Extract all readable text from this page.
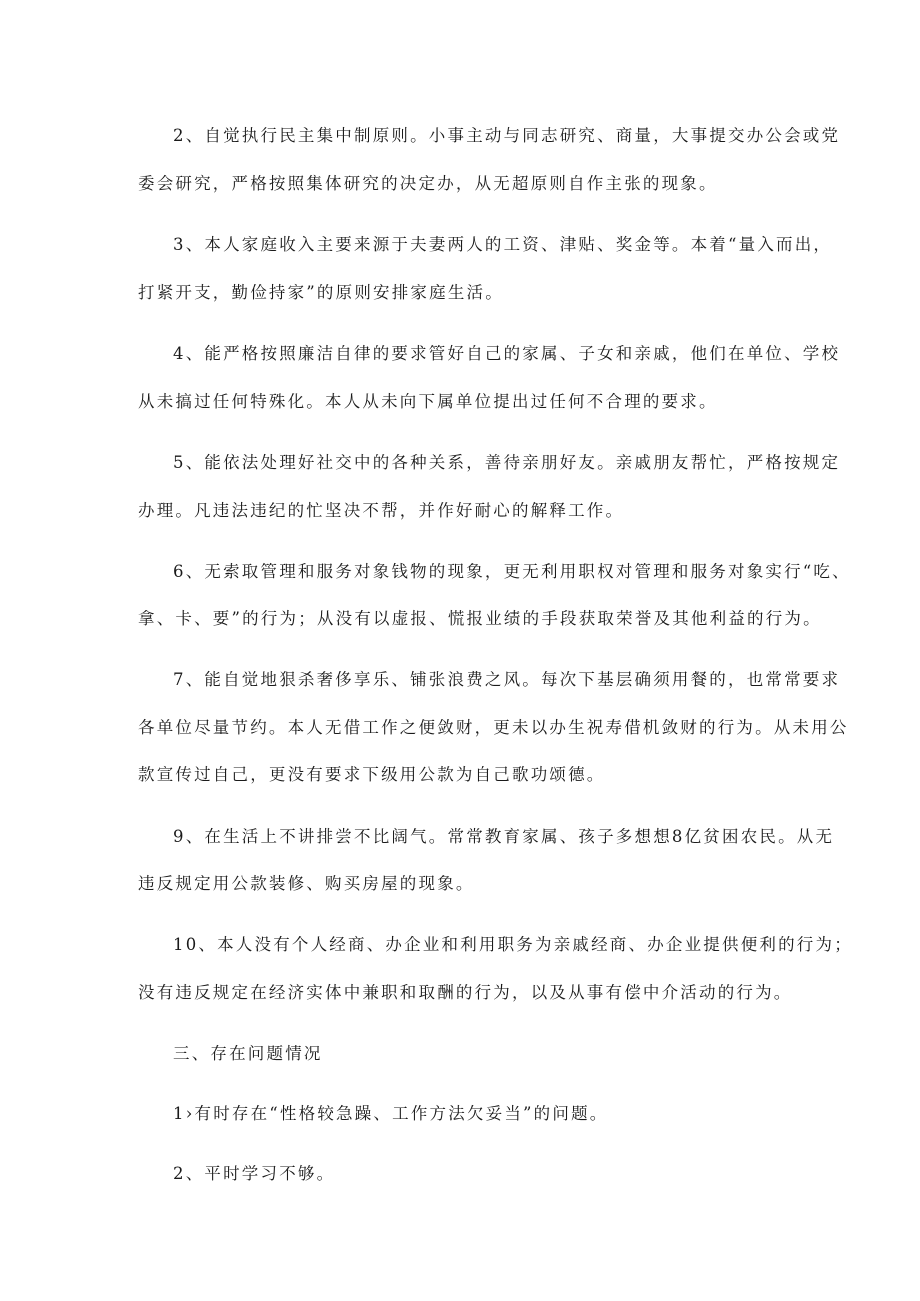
2、自觉执行民主集中制原则。小事主动与同志研究、商量，大事提交办公会或党

委会研究，严格按照集体研究的决定办，从无超原则自作主张的现象。

3、本人家庭收入主要来源于夫妻两人的工资、津贴、奖金等。本着“量入而出，

打紧开支，勤俭持家”的原则安排家庭生活。

4、能严格按照廉洁自律的要求管好自己的家属、子女和亲戚，他们在单位、学校

从未搞过任何特殊化。本人从未向下属单位提出过任何不合理的要求。

5、能依法处理好社交中的各种关系，善待亲朋好友。亲戚朋友帮忙，严格按规定

办理。凡违法违纪的忙坚决不帮，并作好耐心的解释工作。

6、无索取管理和服务对象钱物的现象，更无利用职权对管理和服务对象实行“吃、

拿、卡、要”的行为；从没有以虚报、慌报业绩的手段获取荣誉及其他利益的行为。

7、能自觉地狠杀奢侈享乐、铺张浪费之风。每次下基层确须用餐的，也常常要求

各单位尽量节约。本人无借工作之便敛财，更未以办生祝寿借机敛财的行为。从未用公

款宣传过自己，更没有要求下级用公款为自己歌功颂德。

9、在生活上不讲排尝不比阔气。常常教育家属、孩子多想想8亿贫困农民。从无

违反规定用公款装修、购买房屋的现象。

10、本人没有个人经商、办企业和利用职务为亲戚经商、办企业提供便利的行为；

没有违反规定在经济实体中兼职和取酬的行为，以及从事有偿中介活动的行为。

三、存在问题情况

1›有时存在“性格较急躁、工作方法欠妥当”的问题。

2、平时学习不够。
